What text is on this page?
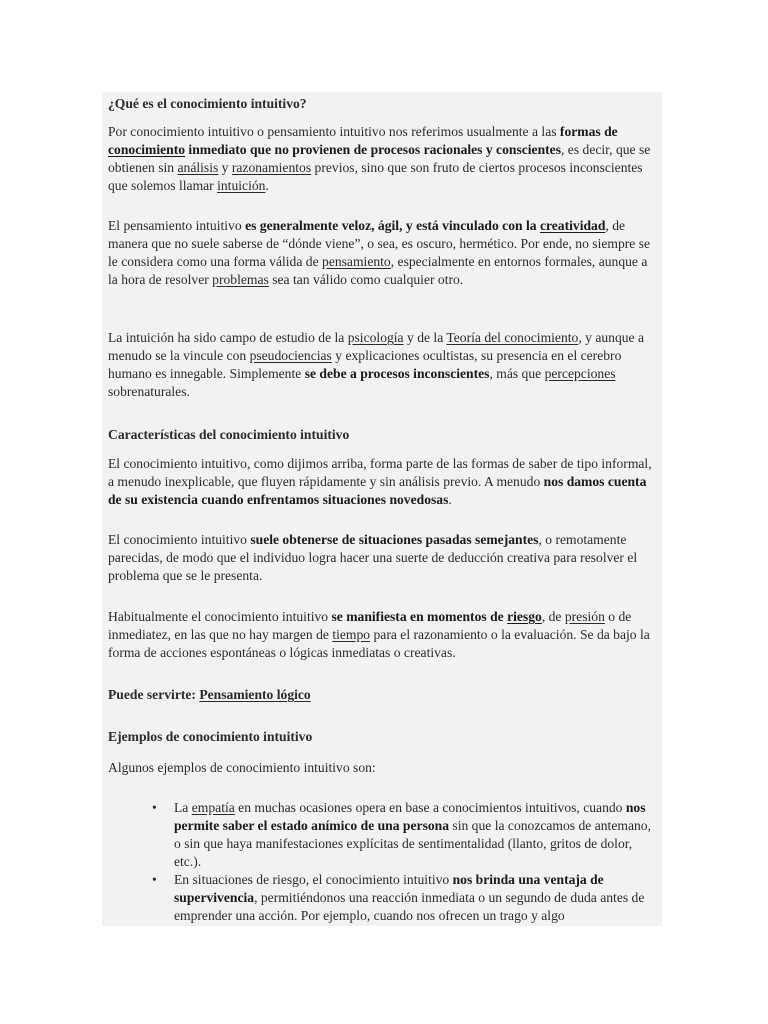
¿Qué es el conocimiento intuitivo?

Por conocimiento intuitivo o pensamiento intuitivo nos referimos usualmente a las formas de conocimiento inmediato que no provienen de procesos racionales y conscientes, es decir, que se obtienen sin análisis y razonamientos previos, sino que son fruto de ciertos procesos inconscientes que solemos llamar intuición.

El pensamiento intuitivo es generalmente veloz, ágil, y está vinculado con la creatividad, de manera que no suele saberse de “dónde viene”, o sea, es oscuro, hermético. Por ende, no siempre se le considera como una forma válida de pensamiento, especialmente en entornos formales, aunque a la hora de resolver problemas sea tan válido como cualquier otro.

La intuición ha sido campo de estudio de la psicología y de la Teoría del conocimiento, y aunque a menudo se la vincule con pseudociencias y explicaciones ocultistas, su presencia en el cerebro humano es innegable. Simplemente se debe a procesos inconscientes, más que percepciones sobrenaturales.

Características del conocimiento intuitivo

El conocimiento intuitivo, como dijimos arriba, forma parte de las formas de saber de tipo informal, a menudo inexplicable, que fluyen rápidamente y sin análisis previo. A menudo nos damos cuenta de su existencia cuando enfrentamos situaciones novedosas.

El conocimiento intuitivo suele obtenerse de situaciones pasadas semejantes, o remotamente parecidas, de modo que el individuo logra hacer una suerte de deducción creativa para resolver el problema que se le presenta.

Habitualmente el conocimiento intuitivo se manifiesta en momentos de riesgo, de presión o de inmediatez, en las que no hay margen de tiempo para el razonamiento o la evaluación. Se da bajo la forma de acciones espontáneas o lógicas inmediatas o creativas.

Puede servirte: Pensamiento lógico

Ejemplos de conocimiento intuitivo

Algunos ejemplos de conocimiento intuitivo son:

• La empatía en muchas ocasiones opera en base a conocimientos intuitivos, cuando nos permite saber el estado anímico de una persona sin que la conozcamos de antemano, o sin que haya manifestaciones explícitas de sentimentalidad (llanto, gritos de dolor, etc.).
• En situaciones de riesgo, el conocimiento intuitivo nos brinda una ventaja de supervivencia, permitiéndonos una reacción inmediata o un segundo de duda antes de emprender una acción. Por ejemplo, cuando nos ofrecen un trago y algo
